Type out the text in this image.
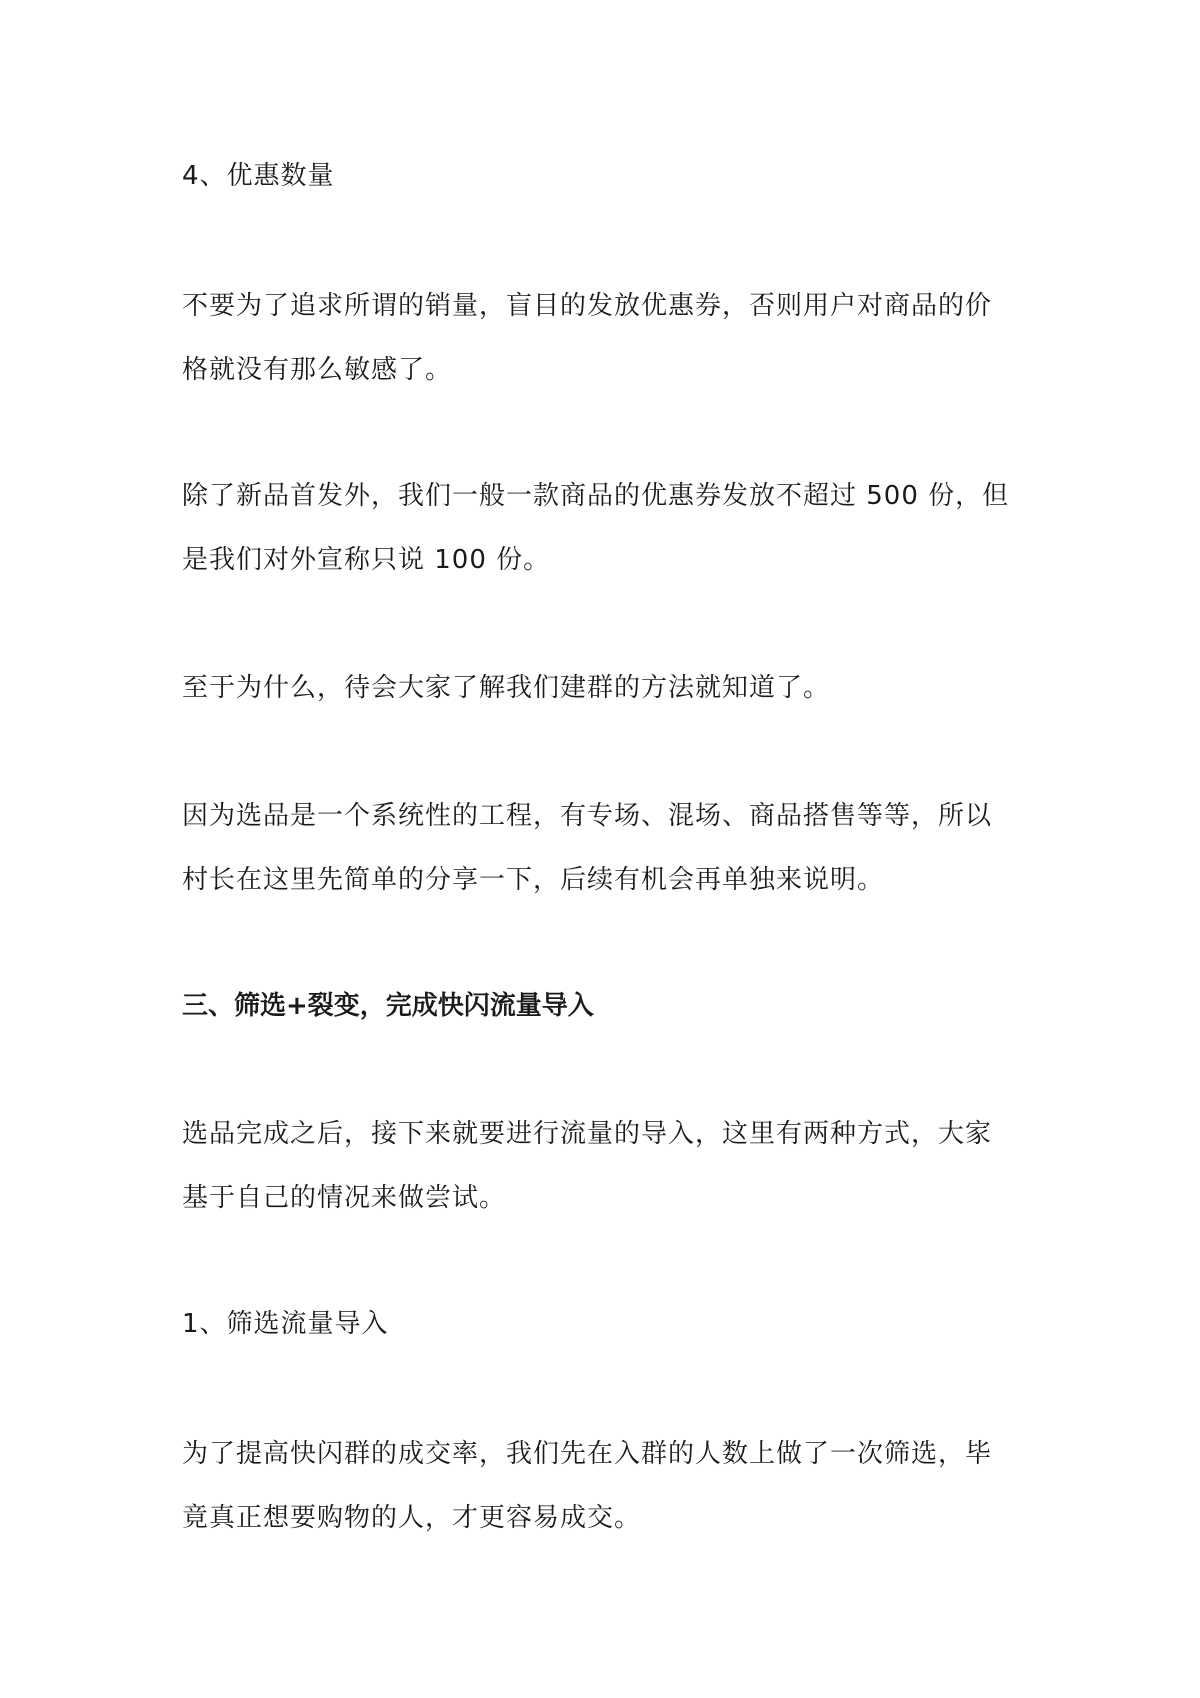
4、优惠数量

不要为了追求所谓的销量，盲目的发放优惠券，否则用户对商品的价
格就没有那么敏感了。

除了新品首发外，我们一般一款商品的优惠券发放不超过 500 份，但
是我们对外宣称只说 100 份。

至于为什么，待会大家了解我们建群的方法就知道了。

因为选品是一个系统性的工程，有专场、混场、商品搭售等等，所以
村长在这里先简单的分享一下，后续有机会再单独来说明。

三、筛选+裂变，完成快闪流量导入

选品完成之后，接下来就要进行流量的导入，这里有两种方式，大家
基于自己的情况来做尝试。

1、筛选流量导入

为了提高快闪群的成交率，我们先在入群的人数上做了一次筛选，毕
竟真正想要购物的人，才更容易成交。
